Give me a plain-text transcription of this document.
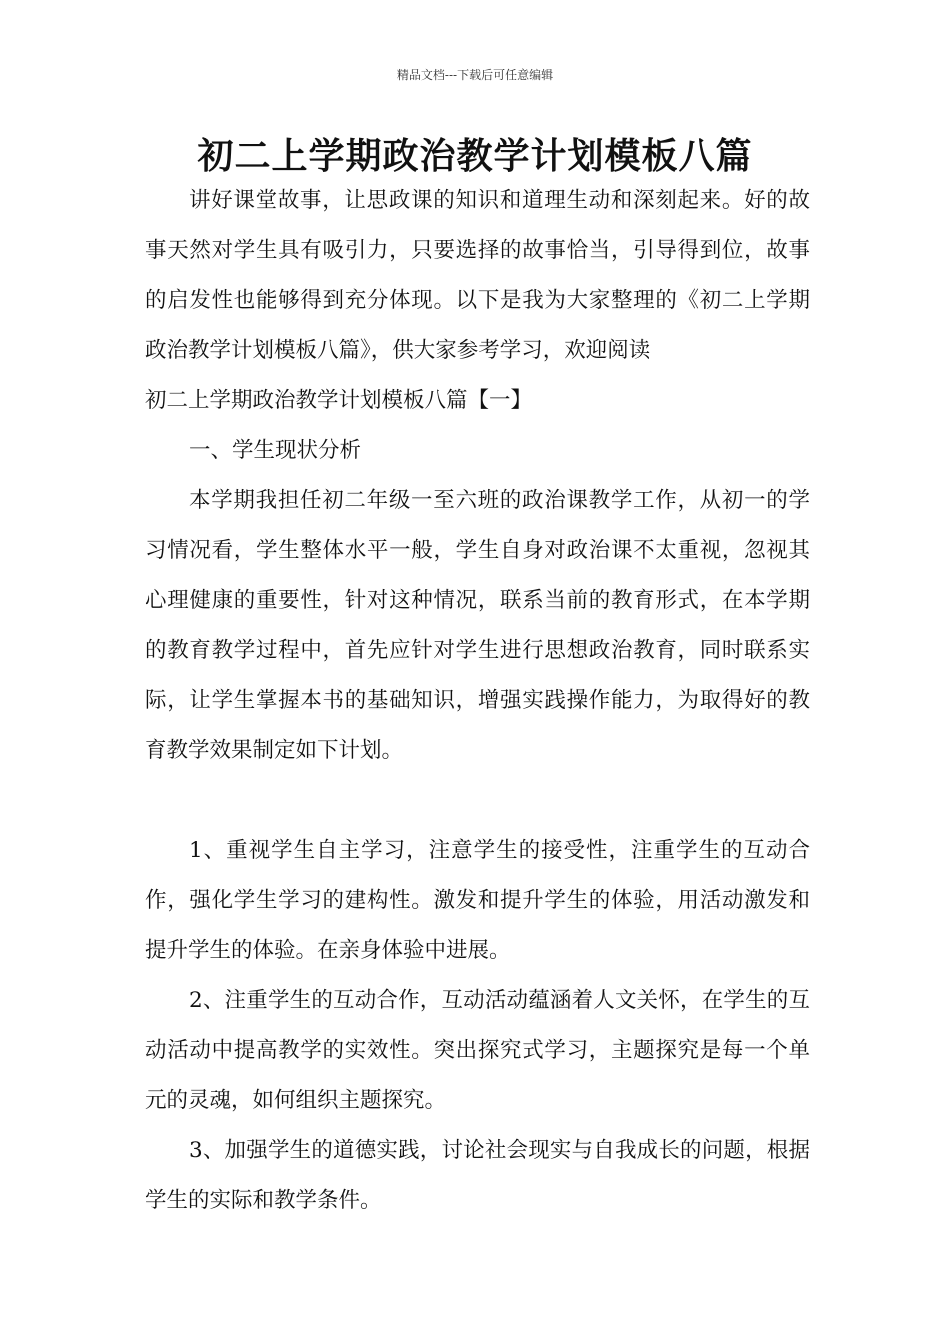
精品文档---下载后可任意编辑
初二上学期政治教学计划模板八篇

讲好课堂故事，让思政课的知识和道理生动和深刻起来。好的故事天然对学生具有吸引力，只要选择的故事恰当，引导得到位，故事的启发性也能够得到充分体现。以下是我为大家整理的《初二上学期政治教学计划模板八篇》，供大家参考学习，欢迎阅读

初二上学期政治教学计划模板八篇【一】

一、学生现状分析

本学期我担任初二年级一至六班的政治课教学工作，从初一的学习情况看，学生整体水平一般，学生自身对政治课不太重视，忽视其心理健康的重要性，针对这种情况，联系当前的教育形式，在本学期的教育教学过程中，首先应针对学生进行思想政治教育，同时联系实际，让学生掌握本书的基础知识，增强实践操作能力，为取得好的教育教学效果制定如下计划。

1、重视学生自主学习，注意学生的接受性，注重学生的互动合作，强化学生学习的建构性。激发和提升学生的体验，用活动激发和提升学生的体验。在亲身体验中进展。

2、注重学生的互动合作，互动活动蕴涵着人文关怀，在学生的互动活动中提高教学的实效性。突出探究式学习，主题探究是每一个单元的灵魂，如何组织主题探究。

3、加强学生的道德实践，讨论社会现实与自我成长的问题，根据学生的实际和教学条件。
